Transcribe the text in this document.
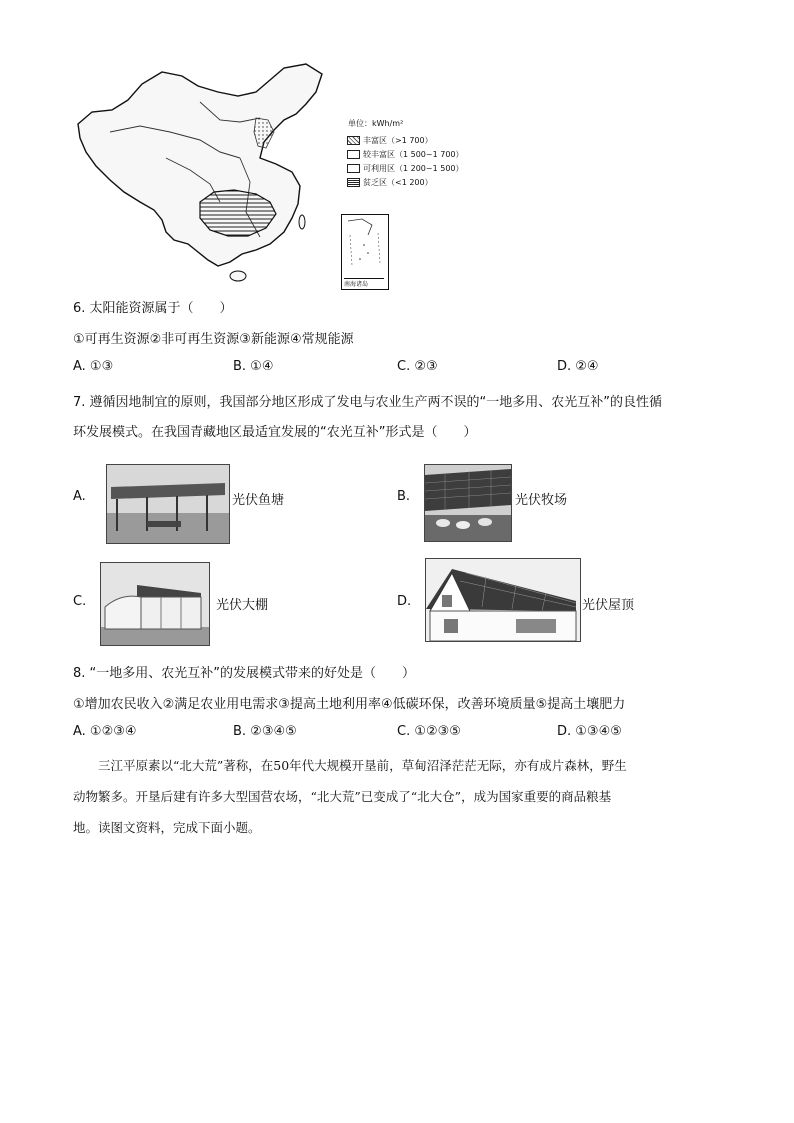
单位：kWh/m²
丰富区（>1 700）
较丰富区（1 500~1 700）
可利用区（1 200~1 500）
贫乏区（<1 200）
南海诸岛
6. 太阳能资源属于（　　）
①可再生资源②非可再生资源③新能源④常规能源
A. ①③	B. ①④	C. ②③	D. ②④
7. 遵循因地制宜的原则，我国部分地区形成了发电与农业生产两不误的“一地多用、农光互补”的良性循
环发展模式。在我国青藏地区最适宜发展的“农光互补”形式是（　　）
A.	光伏鱼塘	B.	光伏牧场
C.	光伏大棚	D.	光伏屋顶
8. “一地多用、农光互补”的发展模式带来的好处是（　　）
①增加农民收入②满足农业用电需求③提高土地利用率④低碳环保，改善环境质量⑤提高土壤肥力
A. ①②③④	B. ②③④⑤	C. ①②③⑤	D. ①③④⑤
三江平原素以“北大荒”著称，在50年代大规模开垦前，草甸沼泽茫茫无际，亦有成片森林，野生
动物繁多。开垦后建有许多大型国营农场，“北大荒”已变成了“北大仓”，成为国家重要的商品粮基
地。读图文资料，完成下面小题。
